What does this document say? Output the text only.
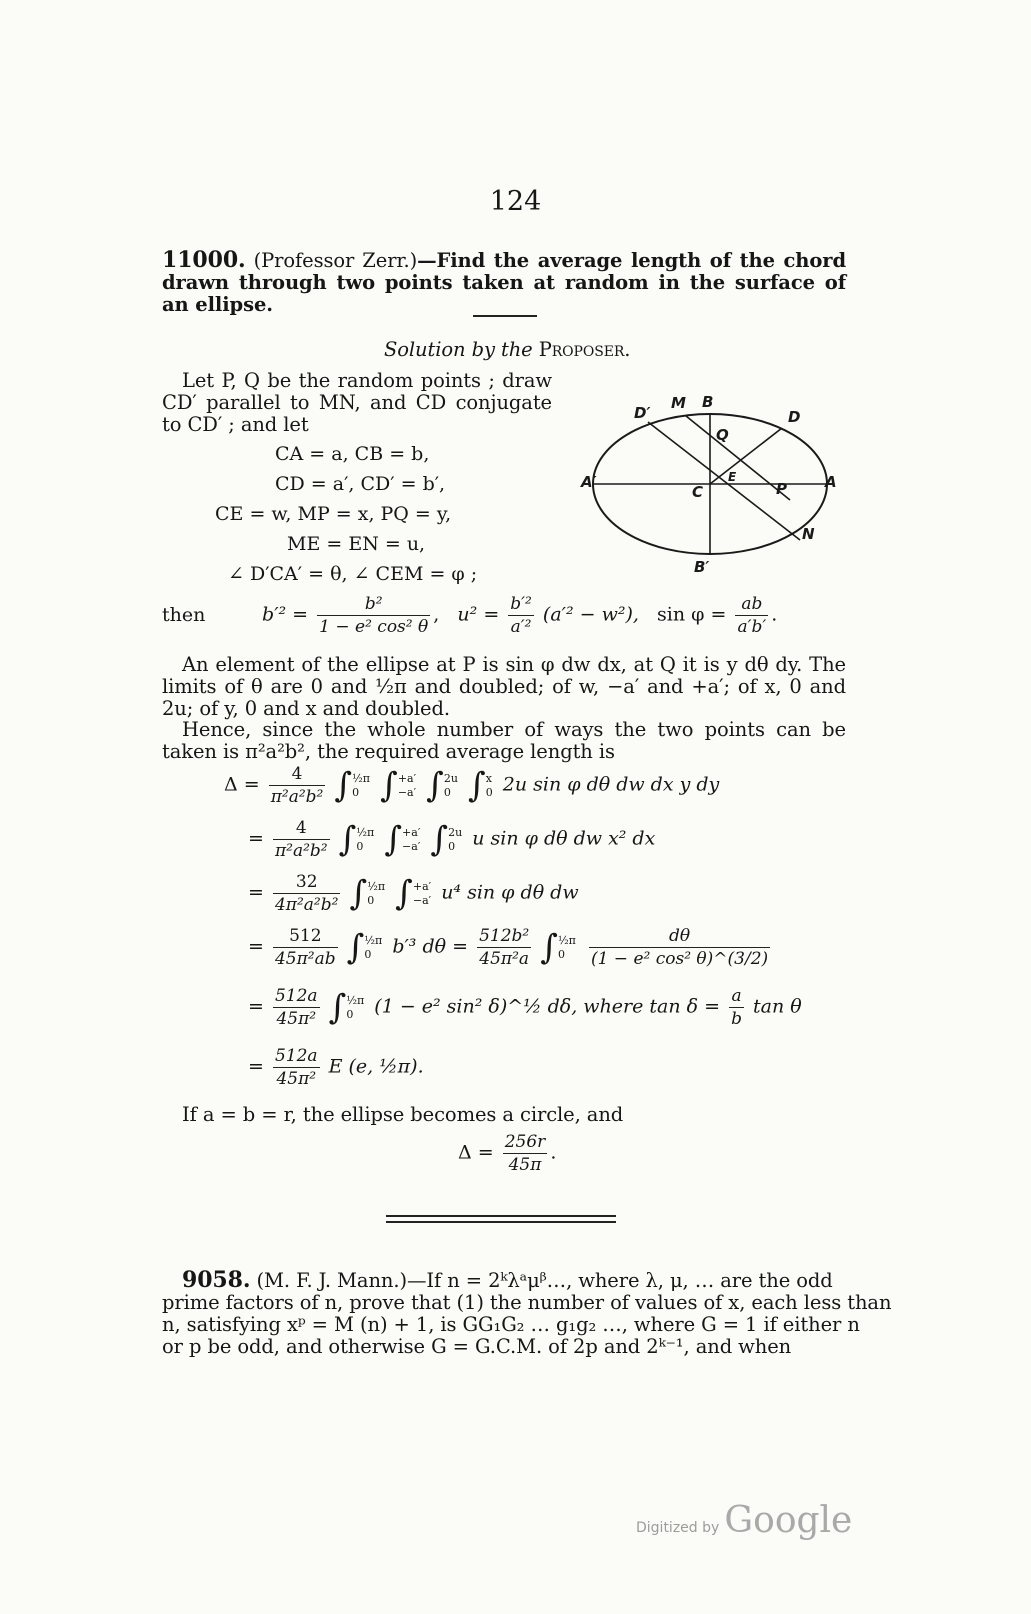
124
11000. (Professor Zerr.)—Find the average length of the chord drawn through two points taken at random in the surface of an ellipse.
Solution by the Proposer.
Let P, Q be the random points ; draw CD′ parallel to MN, and CD conjugate to CD′ ; and let
CA = a, CB = b,
CD = a′, CD′ = b′,
CE = w, MP = x, PQ = y,
ME = EN = u,
∠ D′CA′ = θ, ∠ CEM = φ ;
D′
M B
D
Q
E
A′
C	P	A
N
B′
then	$b'^2 = \frac{\text{b²}}{\text{1 − e² cos² θ}}$ ,   $u^2 = \frac{\text{b′²}}{\text{a′²}} (a'^2 - w^2)$, $\sin \varphi = \frac{ab}{a'b'}$ .
An element of the ellipse at P is sin φ dw dx, at Q it is y dθ dy. The limits of θ are 0 and ½π and doubled; of w, −a′ and +a′; of x, 0 and 2u; of y, 0 and x and doubled.
Hence, since the whole number of ways the two points can be taken is π²a²b², the required average length is
$\Delta = \frac{4}{\text{π²a²b²}}$ ∫ ½π
0 ∫ +a′
−a′ ∫ 2u
0 ∫ x
0 2u sin φ dθ dw dx y dy
= $\frac{4}{\text{π²a²b²}}$ ∫ ½π
0 ∫ +a′
−a′ ∫ 2u
0 u sin φ dθ dw x² dx
= $\frac{32}{\text{4π²a²b²}}$ ∫ ½π
0 ∫ +a′
−a′ u⁴ sin φ dθ dw
= $\frac{512}{\text{45π²ab}}$ ∫ ½π
0	b′³ $d\theta = \frac{\text{512b²}}{\text{45π²a}}$ ∫ ½π
0
	$\frac{d\theta}{\text{(1 − e² cos² θ)\textasciicircum{}(3/2)}}$
= $\frac{512a}{\text{45π²}}$ ∫ ½π
0	(1 − e² sin² δ)^½ dδ, where $\tan \delta = \frac{a}{b}$ tan θ
= $\frac{512a}{\text{45π²}}$ E (e, ½π).
If a = b = r, the ellipse becomes a circle, and
$\Delta = \frac{256r}{45\pi}$ .
9058. (M. F. J. Mann.)—If n = 2ᵏλᵃμᵝ…, where λ, μ, … are the odd
prime factors of n, prove that (1) the number of values of x, each less than
n, satisfying xᵖ = M (n) + 1, is GG₁G₂ … g₁g₂ …, where G = 1 if either n
or p be odd, and otherwise G = G.C.M. of 2p and 2ᵏ⁻¹, and when
Digitized by Google
